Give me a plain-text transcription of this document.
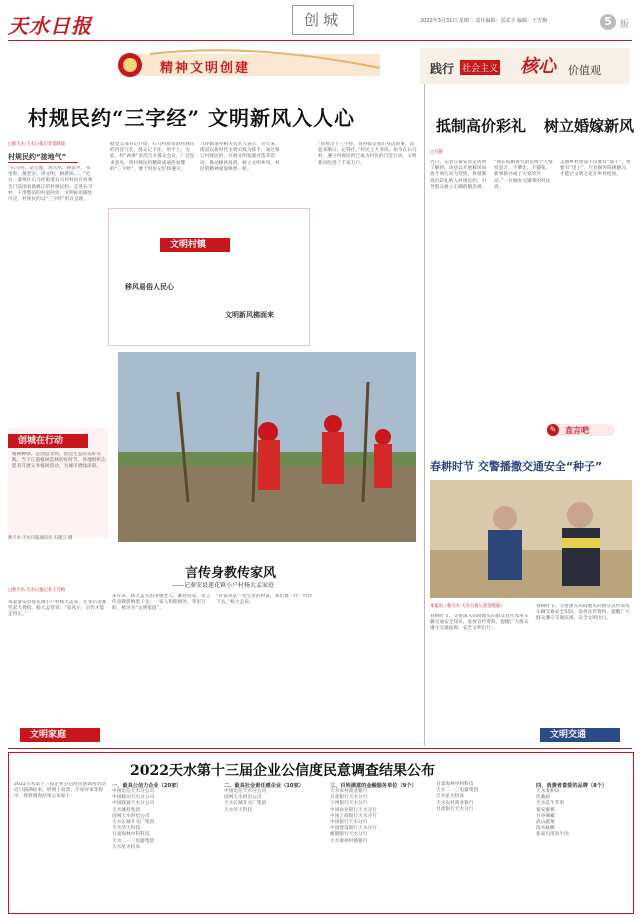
天水日报	创城	2022年3月31日 星期二 责任编辑：雷武平 编辑：王雪梅	5 版
精神文明创建	践行 社会主义 核心 价值观
村规民约“三字经” 文明新风入人心
□新天水·天水日报记者金晓迪
村规民约“接地气”
“石马村，是宝地，鸡犬吠，耕读声，邻里和，敬老亲，讲文明，树新风……”近日，秦州区石马坪街道石马村村民在村委会门前围看新修订的村规民约。走进石马村，干净整洁的村道两旁，文明标语随处可见，村规民约以“三字经”形式呈现。
据党支部书记介绍，石马村原来的村规民约内容冗长，群众记不住、用不上。为此，村“两委”多次召开群众会议，广泛征求意见，将村规民约精简成通俗易懂的“三字经”，便于村民记忆和遵守。
马坪街道办相关负责人表示，近年来，街道以新时代文明实践为抓手，通过修订村规民约、开展文明家庭评选等活动，推动移风易俗，树立文明乡风，村民的精神面貌焕然一新。
“你看这个三字经，说得都是我们身边的事，读起来顺口，记得住。”村民王大爷说。如今在石马村，遵守村规民约已成为村民的自觉行动，文明新风吹进了千家万户。
文明村镇
移风易俗人民心
文明新风拂面来
创城在行动
植树种绿，是创造文明、创造生态的美好实践。当下正值植树造林的好时节，各地组织志愿者开展义务植树活动，为城市增绿添彩。
新天水·天水日报通讯员 石建云 摄
言传身教传家风
——记秦安县莲花镇小户村杨大孟家庭
□新天水·天水日报记者王雪梅
说起秦安县莲花镇小户村杨大孟家，左邻右舍都竖起大拇指。杨大孟常说：“家风正，后代才能走得正。”
多年来，杨大孟夫妇孝敬老人、勤俭持家，用言传身教影响着子女，一家人和睦相处、邻里互助，被评为“文明家庭”。
“好家风是一笔宝贵的财富，我们要一代一代传下去。”杨大孟说。
文明家庭
抵制高价彩礼 树立婚嫁新风
□马静
近日，记者在秦安县走访时了解到，该县以开展移风易俗专项行动为契机，将抵制高价彩礼纳入村规民约，引导群众树立正确的婚恋观。
“现在结婚讲究的是两个人情投意合，不攀比、不铺张，新事新办成了大家的共识。”一位刚办完婚事的村民说。
美丽乡村建设不仅要有“面子”，更要有“里子”。只有摒弃陈规陋习，才能让文明之花在乡村绽放。
✎	直言吧
春耕时节 交警播撒交通安全“种子”
本报讯（新天水·天水日报记者金晓迪）
春耕时节，交警深入田间地头向群众宣传农用车辆交通安全知识，发放宣传资料，提醒广大群众遵守交通法规，安全文明出行。
春耕时节，交警深入田间地头向群众宣传农用车辆交通安全知识，发放宣传资料，提醒广大群众遵守交通法规，安全文明出行。
文明交通
2022天水第十三届企业公信度民意调查结果公布
2022天水第十三届企业公信度民意调查活动近日圆满结束。经网上投票、专家评审等程序，现将调查结果公布如下：
一、最具公信力企业（20家）
中国电信天水分公司
中国移动天水分公司
中国联通天水分公司
天水城投集团
国网天水供电公司
天水长城开关厂集团
天水华天科技
甘肃海林中科科技
天水二一三电器集团
天水星火机床
二、最具社会责任感企业（10家）
中国电信天水分公司
国网天水供电公司
天水长城开关厂集团
天水华天科技
三、百姓满意的金融服务单位（9个）
天水农村商业银行
甘肃银行天水分行
兰州银行天水分行
中国农业银行天水分行
中国工商银行天水分行
中国银行天水分行
中国建设银行天水分行
邮储银行天水分行
天水秦州村镇银行
甘肃海林中科科技
天水二一三电器集团
天水星火机床
天水农村商业银行
甘肃银行天水分行
四、消费者喜爱的品牌（8个）
天水麦积山
伏羲庙
天水花牛苹果
秦安蜜桃
甘谷辣椒
武山蔬菜
清水核桃
张家川清真牛肉
